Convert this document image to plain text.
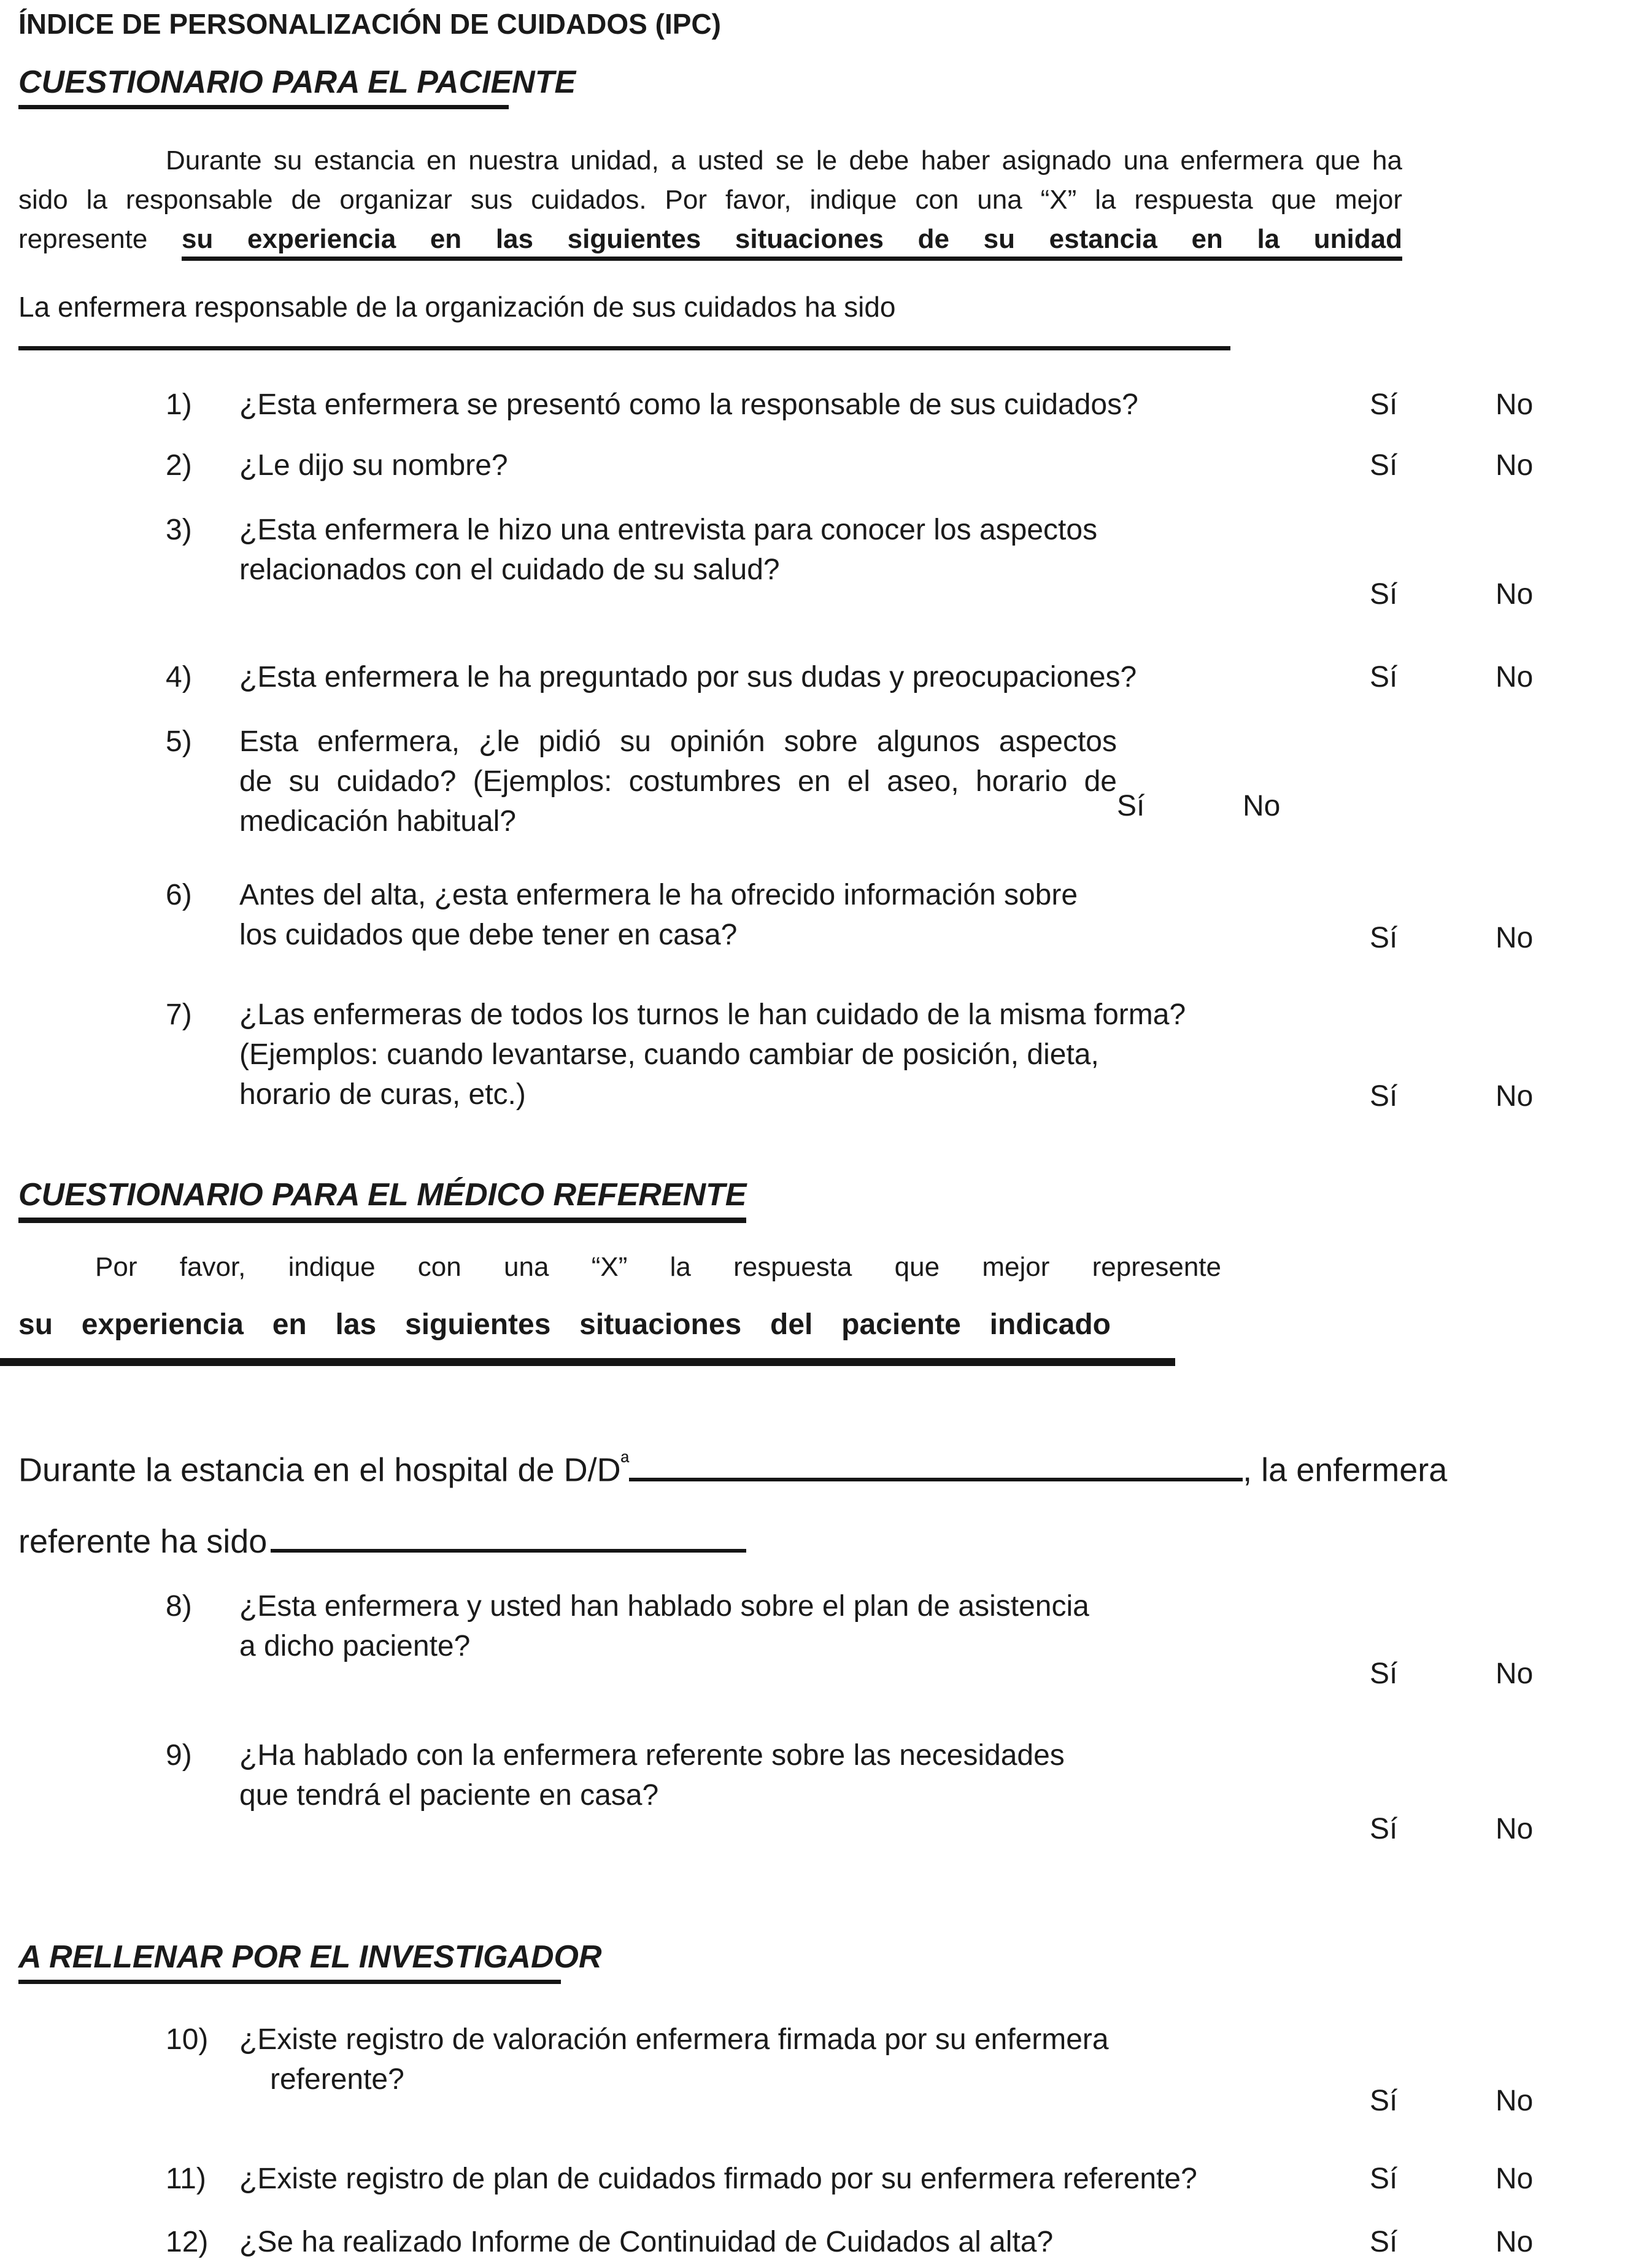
ÍNDICE DE PERSONALIZACIÓN DE CUIDADOS (IPC)
CUESTIONARIO PARA EL PACIENTE
Durante su estancia en nuestra unidad, a usted se le debe haber asignado una enfermera que ha
sido la responsable de organizar sus cuidados. Por favor, indique con una “X” la respuesta que mejor
represente su experiencia en las siguientes situaciones de su estancia en la unidad

La enfermera responsable de la organización de sus cuidados ha sido

1)	¿Esta enfermera se presentó como la responsable de sus cuidados?	Sí	No
2)	¿Le dijo su nombre?	Sí	No
3)	¿Esta enfermera le hizo una entrevista para conocer los aspectos
relacionados con el cuidado de su salud?
Sí	No
4)	¿Esta enfermera le ha preguntado por sus dudas y preocupaciones?	Sí	No
5)	Esta enfermera, ¿le pidió su opinión sobre algunos aspectos
de su cuidado? (Ejemplos: costumbres en el aseo, horario de
medicación habitual?	Sí	No
6)	Antes del alta, ¿esta enfermera le ha ofrecido información sobre
los cuidados que debe tener en casa?	Sí	No
7)	¿Las enfermeras de todos los turnos le han cuidado de la misma forma?
(Ejemplos: cuando levantarse, cuando cambiar de posición, dieta,
horario de curas, etc.)	Sí	No
CUESTIONARIO PARA EL MÉDICO REFERENTE

Por favor, indique con una “X” la respuesta que mejor represente

su experiencia en las siguientes situaciones del paciente indicado

Durante la estancia en el hospital de $D/D^ª$	, la enfermera

referente ha sido

8)	¿Esta enfermera y usted han hablado sobre el plan de asistencia
a dicho paciente?
Sí	No
9)	¿Ha hablado con la enfermera referente sobre las necesidades
que tendrá el paciente en casa?
Sí	No
A RELLENAR POR EL INVESTIGADOR
10)	¿Existe registro de valoración enfermera firmada por su enfermera
referente?
Sí	No
11)	¿Existe registro de plan de cuidados firmado por su enfermera referente?	Sí	No
12)	¿Se ha realizado Informe de Continuidad de Cuidados al alta?	Sí	No
